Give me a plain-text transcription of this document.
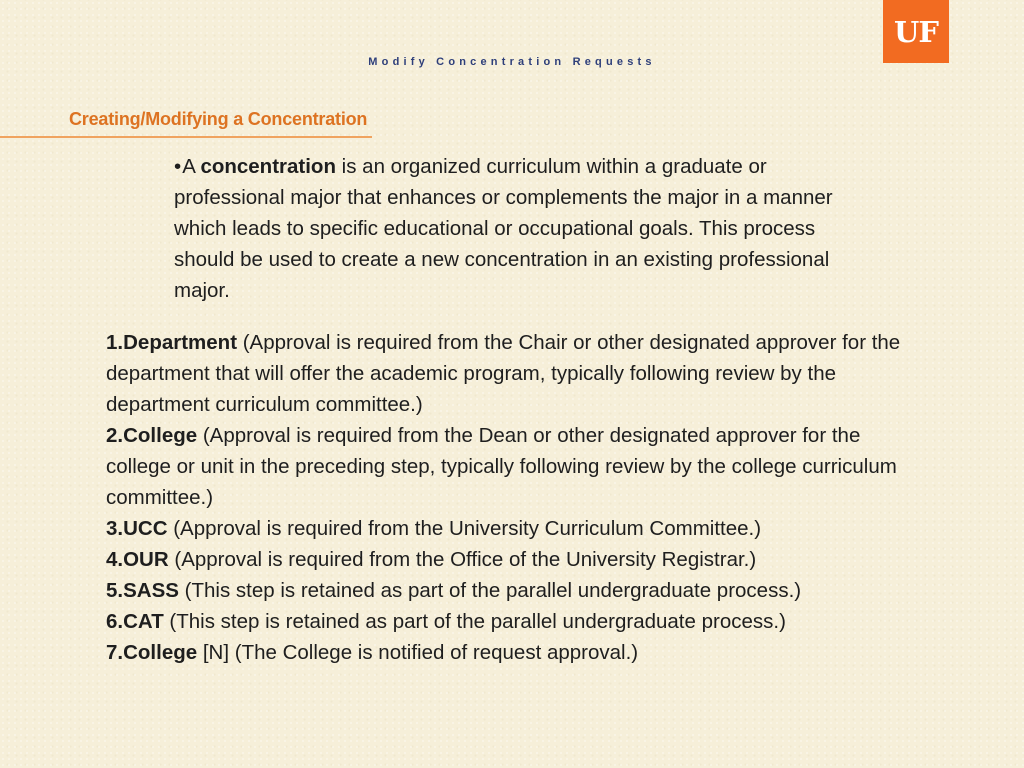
UF
Modify Concentration Requests
Creating/Modifying a Concentration
•A concentration is an organized curriculum within a graduate or professional major that enhances or complements the major in a manner which leads to specific educational or occupational goals. This process should be used to create a new concentration in an existing professional major.
1.Department (Approval is required from the Chair or other designated approver for the department that will offer the academic program, typically following review by the department curriculum committee.)
2.College (Approval is required from the Dean or other designated approver for the college or unit in the preceding step, typically following review by the college curriculum committee.)
3.UCC (Approval is required from the University Curriculum Committee.)
4.OUR (Approval is required from the Office of the University Registrar.)
5.SASS (This step is retained as part of the parallel undergraduate process.)
6.CAT (This step is retained as part of the parallel undergraduate process.)
7.College [N] (The College is notified of request approval.)
